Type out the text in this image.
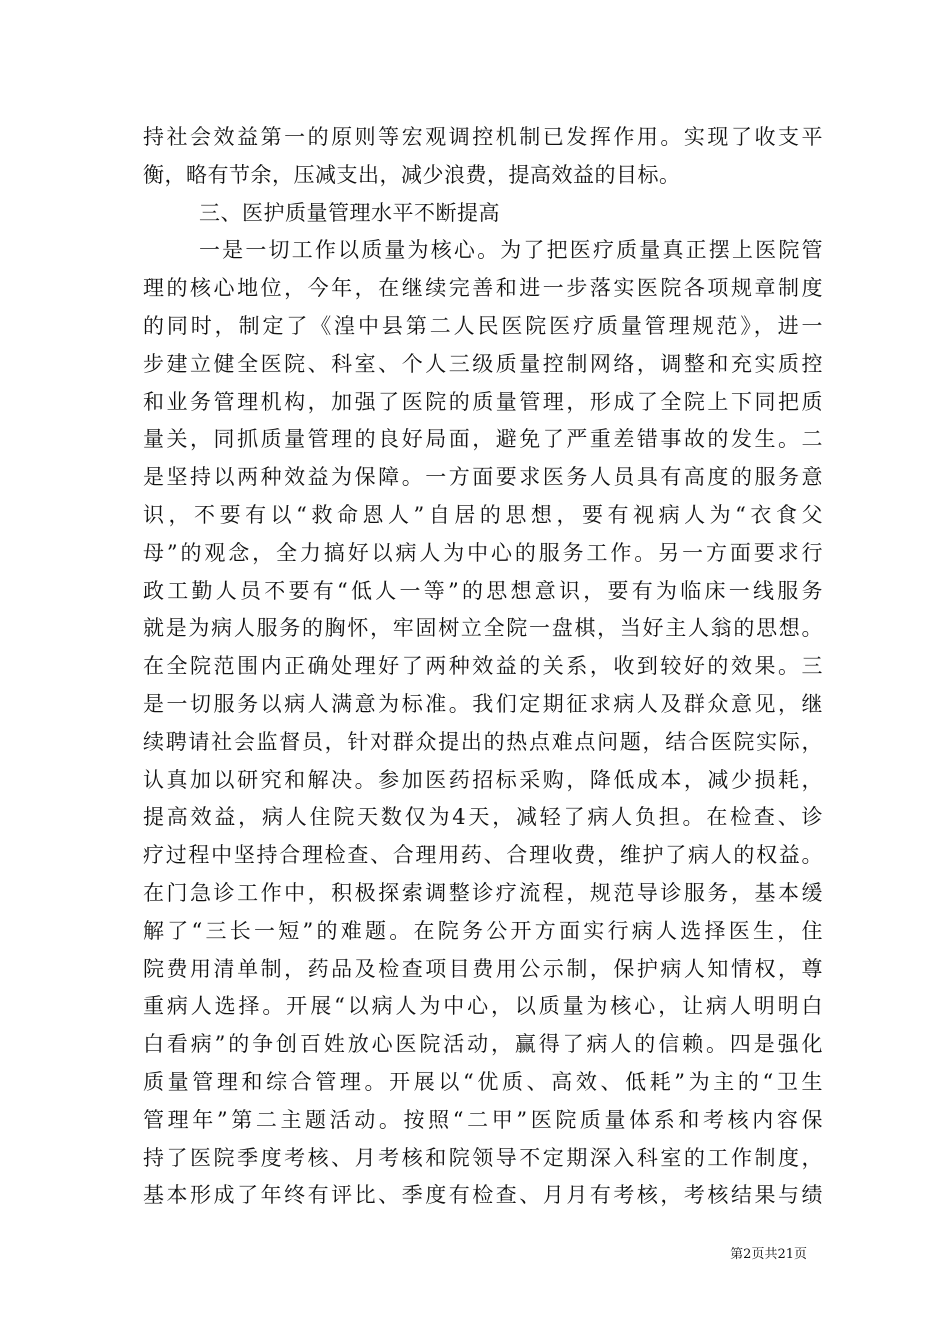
持社会效益第一的原则等宏观调控机制已发挥作用。实现了收支平
衡，略有节余，压减支出，减少浪费，提高效益的目标。
三、医护质量管理水平不断提高
一是一切工作以质量为核心。为了把医疗质量真正摆上医院管
理的核心地位，今年，在继续完善和进一步落实医院各项规章制度
的同时，制定了《湟中县第二人民医院医疗质量管理规范》，进一
步建立健全医院、科室、个人三级质量控制网络，调整和充实质控
和业务管理机构，加强了医院的质量管理，形成了全院上下同把质
量关，同抓质量管理的良好局面，避免了严重差错事故的发生。二
是坚持以两种效益为保障。一方面要求医务人员具有高度的服务意
识，不要有以“救命恩人”自居的思想，要有视病人为“衣食父
母”的观念，全力搞好以病人为中心的服务工作。另一方面要求行
政工勤人员不要有“低人一等”的思想意识，要有为临床一线服务
就是为病人服务的胸怀，牢固树立全院一盘棋，当好主人翁的思想。
在全院范围内正确处理好了两种效益的关系，收到较好的效果。三
是一切服务以病人满意为标准。我们定期征求病人及群众意见，继
续聘请社会监督员，针对群众提出的热点难点问题，结合医院实际，
认真加以研究和解决。参加医药招标采购，降低成本，减少损耗，
提高效益，病人住院天数仅为4天，减轻了病人负担。在检查、诊
疗过程中坚持合理检查、合理用药、合理收费，维护了病人的权益。
在门急诊工作中，积极探索调整诊疗流程，规范导诊服务，基本缓
解了“三长一短”的难题。在院务公开方面实行病人选择医生，住
院费用清单制，药品及检查项目费用公示制，保护病人知情权，尊
重病人选择。开展“以病人为中心，以质量为核心，让病人明明白
白看病”的争创百姓放心医院活动，赢得了病人的信赖。四是强化
质量管理和综合管理。开展以“优质、高效、低耗”为主的“卫生
管理年”第二主题活动。按照“二甲”医院质量体系和考核内容保
持了医院季度考核、月考核和院领导不定期深入科室的工作制度，
基本形成了年终有评比、季度有检查、月月有考核，考核结果与绩
第2页共21页
